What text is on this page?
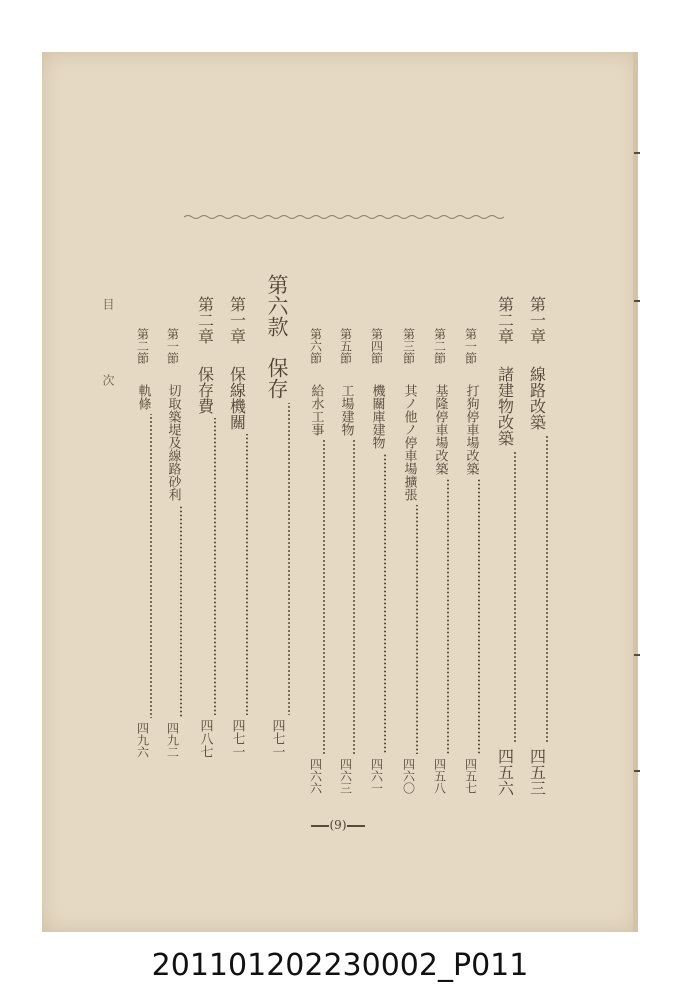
目 次	第一章
線路改築
四五三
第二章
諸建物改築
四五六
第一節
打狗停車場改築
四五七
第二節
基隆停車場改築
四五八
第三節
其ノ他ノ停車場擴張
四六〇
第四節
機關庫建物
四六一
第五節
工場建物
四六三
第六節
給水工事
四六六
第六款
保存
四七一
第一章
保線機關
四七一
第二章
保存費
四八七
第一節
切取築堤及線路砂利
四九二
第二節
軌條
四九六
(9)
20110120223000​2_P011
